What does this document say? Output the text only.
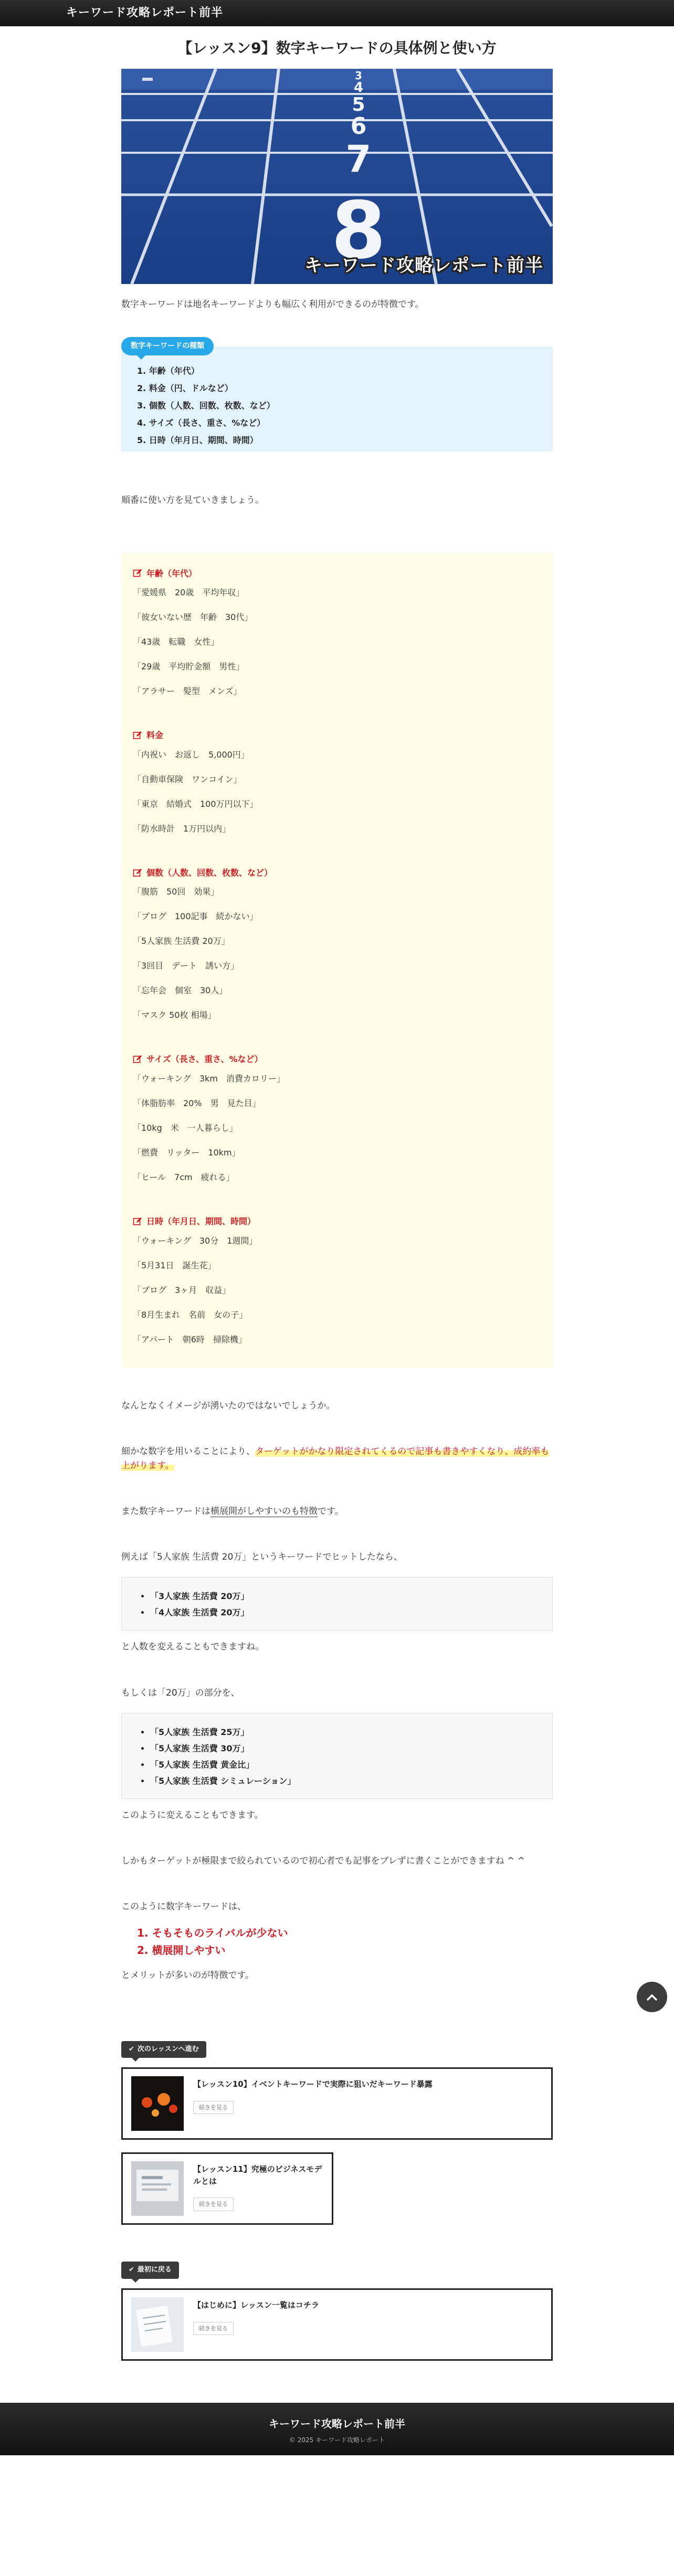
キーワード攻略レポート前半
【レッスン9】数字キーワードの具体例と使い方
3
4
5
6
7
8
キーワード攻略レポート前半

数字キーワードは地名キーワードよりも幅広く利用ができるのが特徴です。

数字キーワードの種類
1. 年齢（年代）
2. 料金（円、ドルなど）
3. 個数（人数、回数、枚数、など）
4. サイズ（長さ、重さ、%など）
5. 日時（年月日、期間、時間）

順番に使い方を見ていきましょう。

年齢（年代）
「愛媛県　20歳　平均年収」
「彼女いない歴　年齢　30代」
「43歳　転職　女性」
「29歳　平均貯金額　男性」
「アラサー　髪型　メンズ」
料金
「内祝い　お返し　5,000円」
「自動車保険　ワンコイン」
「東京　結婚式　100万円以下」
「防水時計　1万円以内」
個数（人数、回数、枚数、など）
「腹筋　50回　効果」
「ブログ　100記事　続かない」
「5人家族 生活費 20万」
「3回目　デート　誘い方」
「忘年会　個室　30人」
「マスク 50枚 相場」
サイズ（長さ、重さ、%など）
「ウォーキング　3km　消費カロリー」
「体脂肪率　20%　男　見た目」
「10kg　米　一人暮らし」
「燃費　リッター　10km」
「ヒール　7cm　疲れる」
日時（年月日、期間、時間）
「ウォーキング　30分　1週間」
「5月31日　誕生花」
「ブログ　3ヶ月　収益」
「8月生まれ　名前　女の子」
「アパート　朝6時　掃除機」

なんとなくイメージが湧いたのではないでしょうか。

細かな数字を用いることにより、ターゲットがかなり限定されてくるので記事も書きやすくなり、成約率も上がります。

また数字キーワードは横展開がしやすいのも特徴です。

例えば「5人家族 生活費 20万」というキーワードでヒットしたなら、

• 「3人家族 生活費 20万」
• 「4人家族 生活費 20万」

と人数を変えることもできますね。

もしくは「20万」の部分を、

• 「5人家族 生活費 25万」
• 「5人家族 生活費 30万」
• 「5人家族 生活費 黄金比」
• 「5人家族 生活費 シミュレーション」

このように変えることもできます。

しかもターゲットが極限まで絞られているので初心者でも記事をブレずに書くことができますね ^ ^

このように数字キーワードは、

1. そもそものライバルが少ない
2. 横展開しやすい

とメリットが多いのが特徴です。

✔ 次のレッスンへ進む
【レッスン10】イベントキーワードで実際に狙いだキーワード暴露
続きを見る
【レッスン11】究極のビジネスモデルとは
続きを見る
✔ 最初に戻る
【はじめに】レッスン一覧はコチラ
続きを見る
キーワード攻略レポート前半
© 2025 キーワード攻略レポート
